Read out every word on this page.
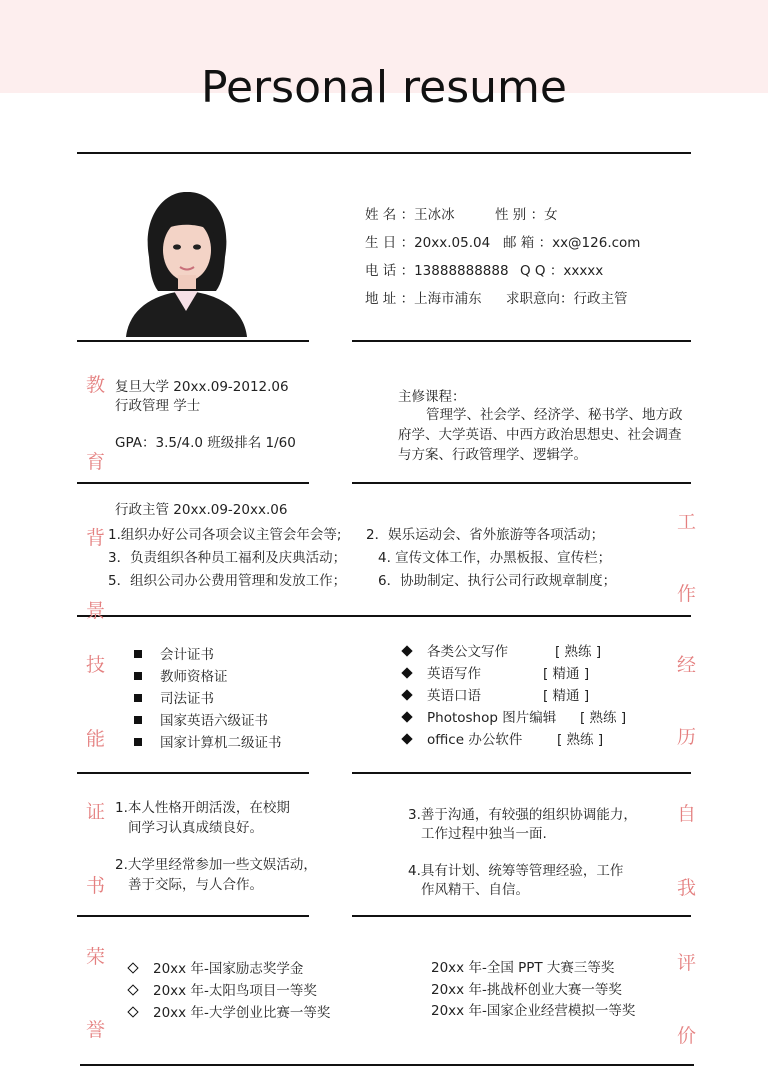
Personal resume
姓 名 ：王冰冰	性 别 ：女
生 日 ：20xx.05.04 邮 箱 ：xx@126.com
电 话 ：13888888888 Q Q ：xxxxx
地 址 ：上海市浦东 求职意向：行政主管
教
育
背
景
技
能
证
书
荣
誉
工
作
经
历
自
我
评
价
复旦大学 20xx.09-2012.06
行政管理 学士
GPA：3.5/4.0 班级排名 1/60
主修课程：
管理学、社会学、经济学、秘书学、地方政府学、大学英语、中西方政治思想史、社会调查与方案、行政管理学、逻辑学。
行政主管 20xx.09-20xx.06
1.组织办好公司各项会议主管会年会等; 2．娱乐运动会、省外旅游等各项活动；
3．负责组织各种员工福利及庆典活动； 4. 宣传文体工作，办黑板报、宣传栏；
5．组织公司办公费用管理和发放工作； 6．协助制定、执行公司行政规章制度；
会计证书
教师资格证
司法证书
国家英语六级证书
国家计算机二级证书
各类公文写作	[ 熟练 ]
英语写作	[ 精通 ]
英语口语	[ 精通 ]
Photoshop 图片编辑 [ 熟练 ]
office 办公软件	[ 熟练 ]
1.本人性格开朗活泼，在校期
间学习认真成绩良好。
2.大学里经常参加一些文娱活动，
善于交际，与人合作。
3.善于沟通，有较强的组织协调能力，
工作过程中独当一面.
4.具有计划、统筹等管理经验，工作
作风精干、自信。
20xx 年-国家励志奖学金
20xx 年-太阳鸟项目一等奖
20xx 年-大学创业比赛一等奖
20xx 年-全国 PPT 大赛三等奖
20xx 年-挑战杯创业大赛一等奖
20xx 年-国家企业经营模拟一等奖
